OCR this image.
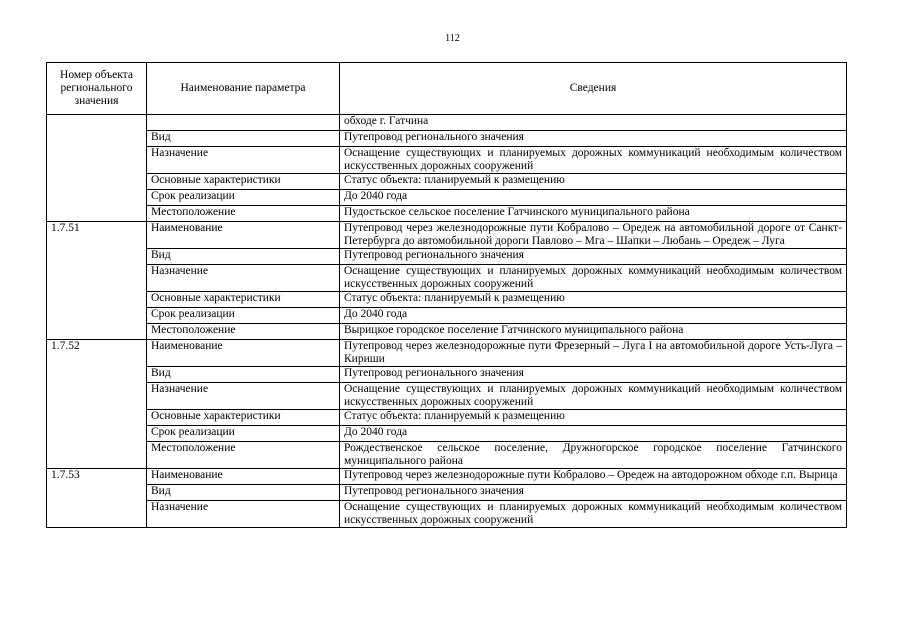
112
Номер объекта регионального значения	Наименование параметра	Сведения
		обходе г. Гатчина
	Вид	Путепровод регионального значения
	Назначение	Оснащение существующих и планируемых дорожных коммуникаций необходимым количеством искусственных дорожных сооружений
	Основные характеристики	Статус объекта: планируемый к размещению
	Срок реализации	До 2040 года
	Местоположение	Пудостьское сельское поселение Гатчинского муниципального района
1.7.51	Наименование	Путепровод через железнодорожные пути Кобралово – Оредеж на автомобильной дороге от Санкт-Петербурга до автомобильной дороги Павлово – Мга – Шапки – Любань – Оредеж – Луга
	Вид	Путепровод регионального значения
	Назначение	Оснащение существующих и планируемых дорожных коммуникаций необходимым количеством искусственных дорожных сооружений
	Основные характеристики	Статус объекта: планируемый к размещению
	Срок реализации	До 2040 года
	Местоположение	Вырицкое городское поселение Гатчинского муниципального района
1.7.52	Наименование	Путепровод через железнодорожные пути Фрезерный – Луга I на автомобильной дороге Усть-Луга – Кириши
	Вид	Путепровод регионального значения
	Назначение	Оснащение существующих и планируемых дорожных коммуникаций необходимым количеством искусственных дорожных сооружений
	Основные характеристики	Статус объекта: планируемый к размещению
	Срок реализации	До 2040 года
	Местоположение	Рождественское сельское поселение, Дружногорское городское поселение Гатчинского муниципального района
1.7.53	Наименование	Путепровод через железнодорожные пути Кобралово – Оредеж на автодорожном обходе г.п. Вырица
	Вид	Путепровод регионального значения
	Назначение	Оснащение существующих и планируемых дорожных коммуникаций необходимым количеством искусственных дорожных сооружений
